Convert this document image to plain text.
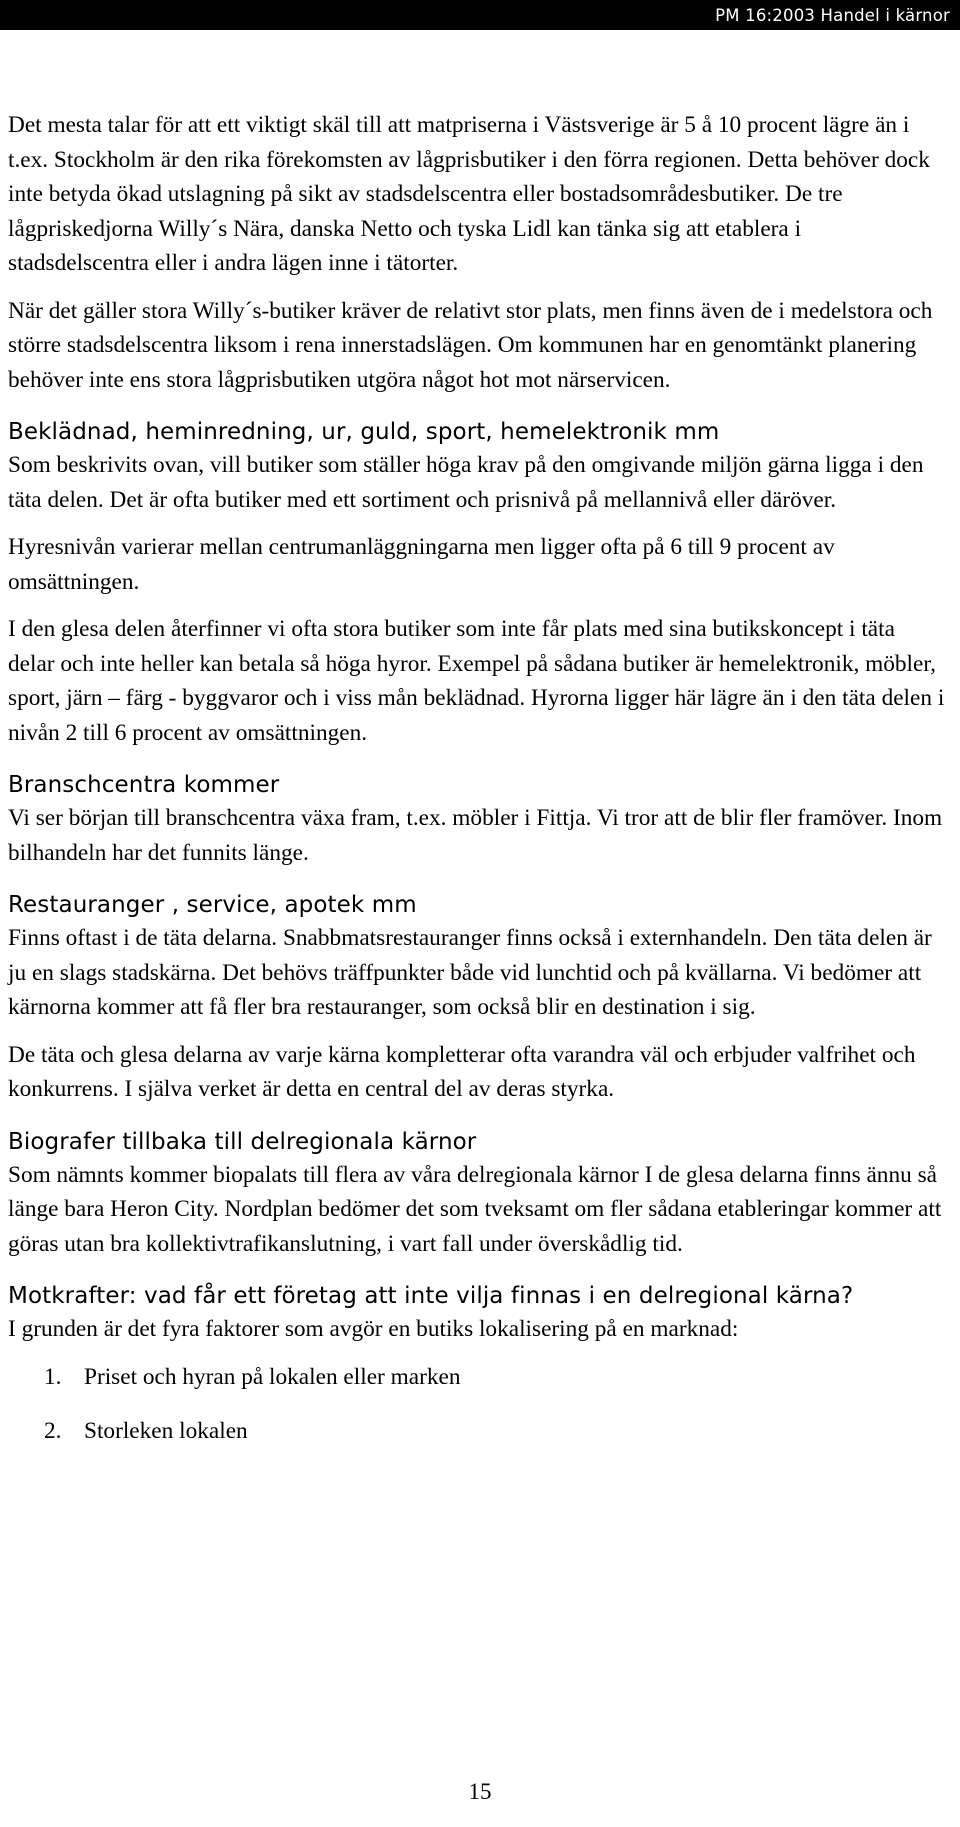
PM 16:2003 Handel i kärnor

Det mesta talar för att ett viktigt skäl till att matpriserna i Västsverige är 5 å 10 procent lägre än i t.ex. Stockholm är den rika förekomsten av lågprisbutiker i den förra regionen. Detta behöver dock inte betyda ökad utslagning på sikt av stadsdelscentra eller bostadsområdesbutiker. De tre lågpriskedjorna Willy´s Nära, danska Netto och tyska Lidl kan tänka sig att etablera i stadsdelscentra eller i andra lägen inne i tätorter.

När det gäller stora Willy´s-butiker kräver de relativt stor plats, men finns även de i medelstora och större stadsdelscentra liksom i rena innerstadslägen. Om kommunen har en genomtänkt planering behöver inte ens stora lågprisbutiken utgöra något hot mot närservicen.

Beklädnad, heminredning, ur, guld, sport, hemelektronik mm

Som beskrivits ovan, vill butiker som ställer höga krav på den omgivande miljön gärna ligga i den täta delen. Det är ofta butiker med ett sortiment och prisnivå på mellannivå eller däröver.

Hyresnivån varierar mellan centrumanläggningarna men ligger ofta på 6 till 9 procent av omsättningen.

I den glesa delen återfinner vi ofta stora butiker som inte får plats med sina butikskoncept i täta delar och inte heller kan betala så höga hyror. Exempel på sådana butiker är hemelektronik, möbler, sport, järn – färg - byggvaror och i viss mån beklädnad. Hyrorna ligger här lägre än i den täta delen i nivån 2 till 6 procent av omsättningen.

Branschcentra kommer

Vi ser början till branschcentra växa fram, t.ex. möbler i Fittja. Vi tror att de blir fler framöver. Inom bilhandeln har det funnits länge.

Restauranger , service, apotek mm

Finns oftast i de täta delarna. Snabbmatsrestauranger finns också i externhandeln. Den täta delen är ju en slags stadskärna. Det behövs träffpunkter både vid lunchtid och på kvällarna. Vi bedömer att kärnorna kommer att få fler bra restauranger, som också blir en destination i sig.

De täta och glesa delarna av varje kärna kompletterar ofta varandra väl och erbjuder valfrihet och konkurrens. I själva verket är detta en central del av deras styrka.

Biografer tillbaka till delregionala kärnor

Som nämnts kommer biopalats till flera av våra delregionala kärnor I de glesa delarna finns ännu så länge bara Heron City. Nordplan bedömer det som tveksamt om fler sådana etableringar kommer att göras utan bra kollektivtrafikanslutning, i vart fall under överskådlig tid.

Motkrafter: vad får ett företag att inte vilja finnas i en delregional kärna?

I grunden är det fyra faktorer som avgör en butiks lokalisering på en marknad:

1. Priset och hyran på lokalen eller marken
2. Storleken lokalen
15
